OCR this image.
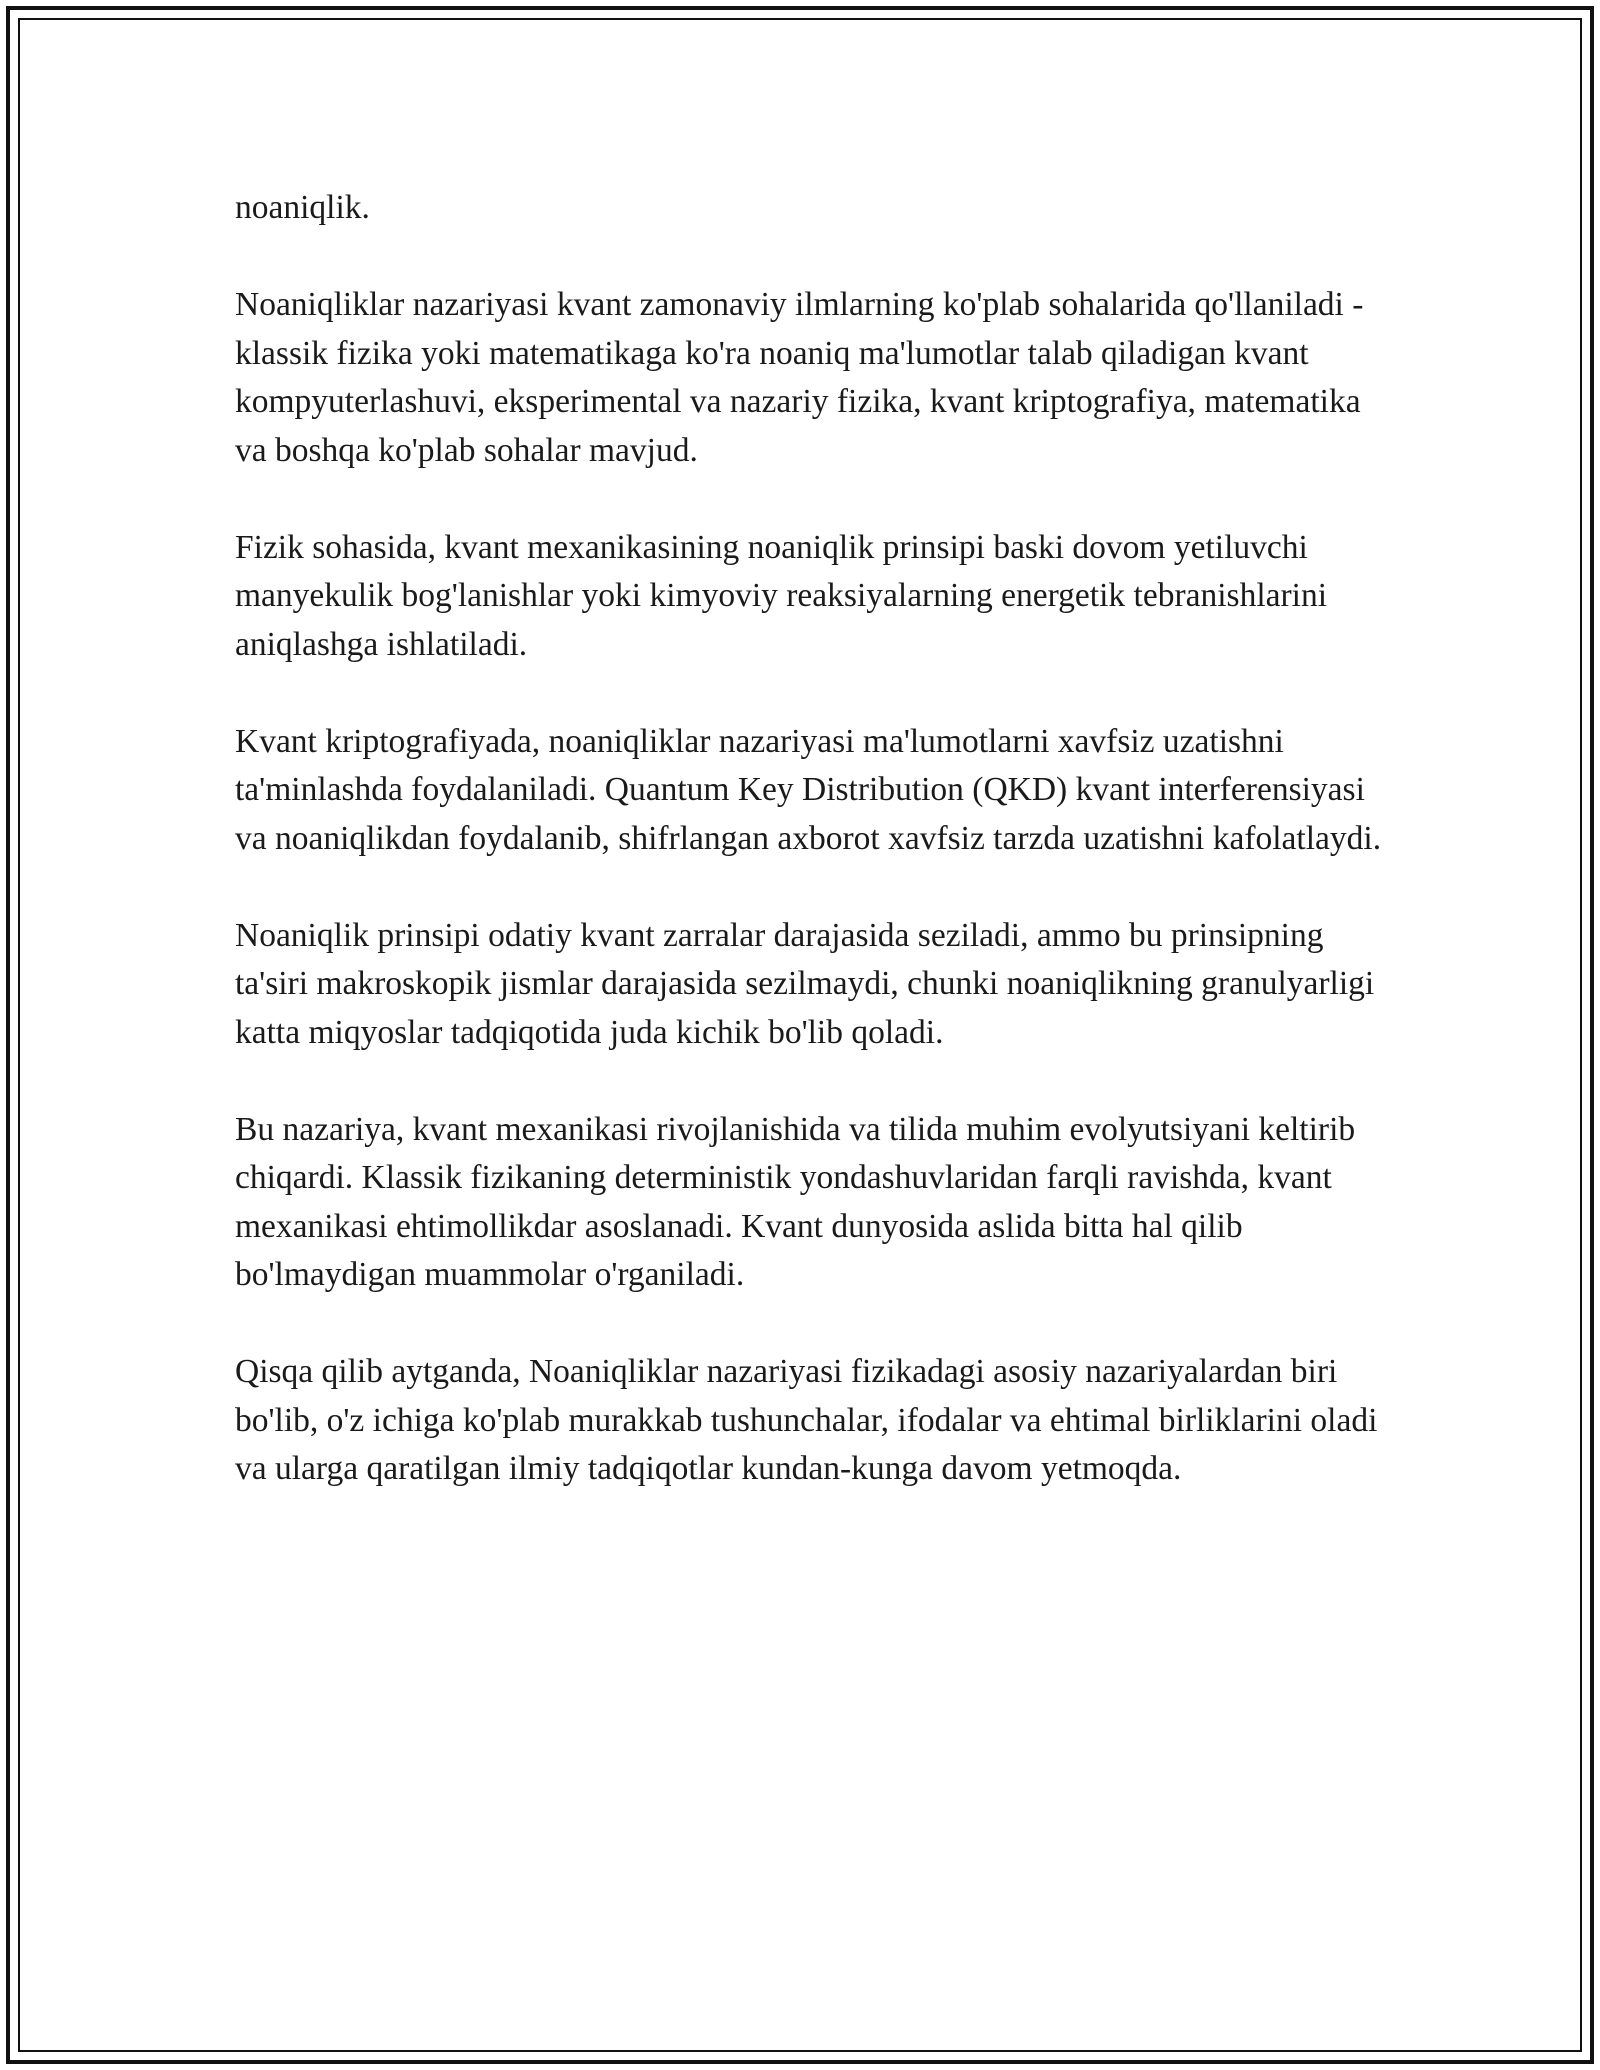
noaniqlik.

Noaniqliklar nazariyasi kvant zamonaviy ilmlarning ko'plab sohalarida qo'llaniladi - klassik fizika yoki matematikaga ko'ra noaniq ma'lumotlar talab qiladigan kvant kompyuterlashuvi, eksperimental va nazariy fizika, kvant kriptografiya, matematika va boshqa ko'plab sohalar mavjud.

Fizik sohasida, kvant mexanikasining noaniqlik prinsipi baski dovom yetiluvchi manyekulik bog'lanishlar yoki kimyoviy reaksiyalarning energetik tebranishlarini aniqlashga ishlatiladi.

Kvant kriptografiyada, noaniqliklar nazariyasi ma'lumotlarni xavfsiz uzatishni ta'minlashda foydalaniladi. Quantum Key Distribution (QKD) kvant interferensiyasi va noaniqlikdan foydalanib, shifrlangan axborot xavfsiz tarzda uzatishni kafolatlaydi.

Noaniqlik prinsipi odatiy kvant zarralar darajasida seziladi, ammo bu prinsipning ta'siri makroskopik jismlar darajasida sezilmaydi, chunki noaniqlikning granulyarligi katta miqyoslar tadqiqotida juda kichik bo'lib qoladi.

Bu nazariya, kvant mexanikasi rivojlanishida va tilida muhim evolyutsiyani keltirib chiqardi. Klassik fizikaning deterministik yondashuvlaridan farqli ravishda, kvant mexanikasi ehtimollikdar asoslanadi. Kvant dunyosida aslida bitta hal qilib bo'lmaydigan muammolar o'rganiladi.

Qisqa qilib aytganda, Noaniqliklar nazariyasi fizikadagi asosiy nazariyalardan biri bo'lib, o'z ichiga ko'plab murakkab tushunchalar, ifodalar va ehtimal birliklarini oladi va ularga qaratilgan ilmiy tadqiqotlar kundan-kunga davom yetmoqda.
